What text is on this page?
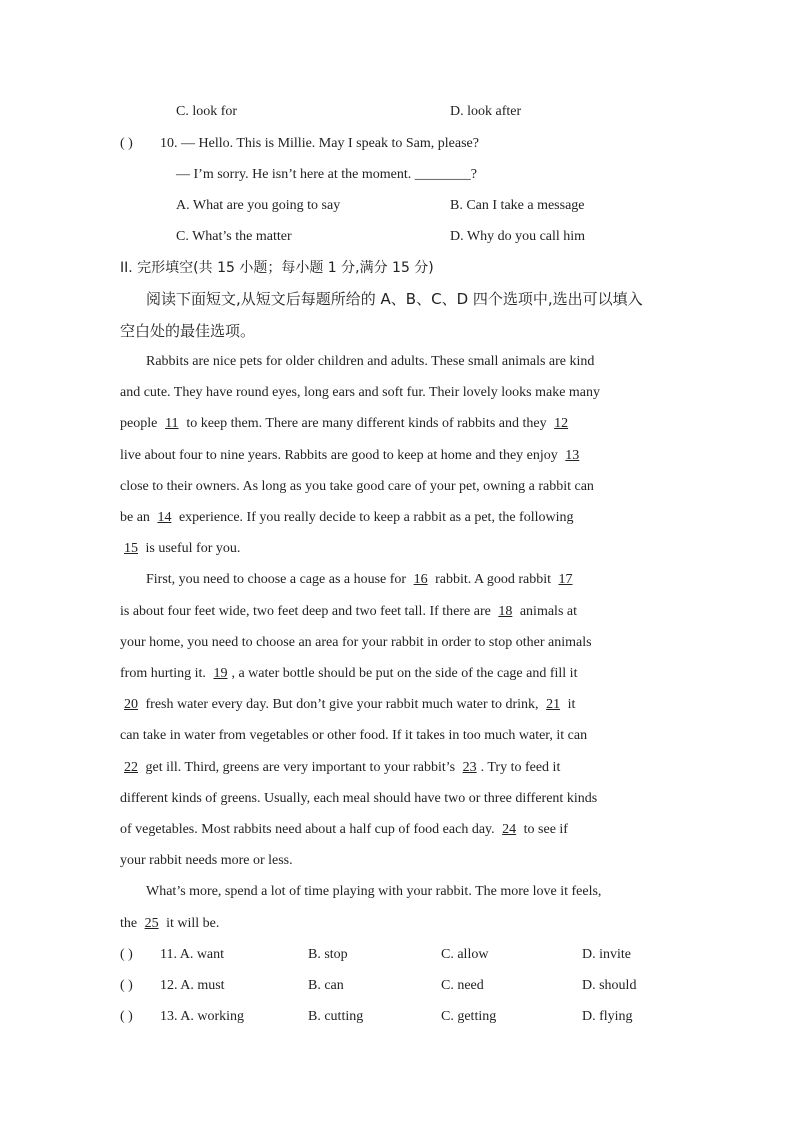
C. look for	D. look after
( ) 10. — Hello. This is Millie. May I speak to Sam, please?
— I’m sorry. He isn’t here at the moment. ________?
A. What are you going to say	B. Can I take a message
C. What’s the matter	D. Why do you call him
II. 完形填空(共 15 小题；每小题 1 分,满分 15 分)
阅读下面短文,从短文后每题所给的 A、B、C、D 四个选项中,选出可以填入
空白处的最佳选项。
Rabbits are nice pets for older children and adults. These small animals are kind
and cute. They have round eyes, long ears and soft fur. Their lovely looks make many
people 11 to keep them. There are many different kinds of rabbits and they 12
live about four to nine years. Rabbits are good to keep at home and they enjoy 13
close to their owners. As long as you take good care of your pet, owning a rabbit can
be an 14 experience. If you really decide to keep a rabbit as a pet, the following
15 is useful for you.
First, you need to choose a cage as a house for 16 rabbit. A good rabbit 17
is about four feet wide, two feet deep and two feet tall. If there are 18 animals at
your home, you need to choose an area for your rabbit in order to stop other animals
from hurting it. 19, a water bottle should be put on the side of the cage and fill it
20 fresh water every day. But don’t give your rabbit much water to drink, 21 it
can take in water from vegetables or other food. If it takes in too much water, it can
22 get ill. Third, greens are very important to your rabbit’s 23. Try to feed it
different kinds of greens. Usually, each meal should have two or three different kinds
of vegetables. Most rabbits need about a half cup of food each day. 24 to see if
your rabbit needs more or less.
What’s more, spend a lot of time playing with your rabbit. The more love it feels,
the 25 it will be.
( ) 11. A. want	B. stop	C. allow	D. invite
( ) 12. A. must	B. can	C. need	D. should
( ) 13. A. working	B. cutting	C. getting	D. flying
